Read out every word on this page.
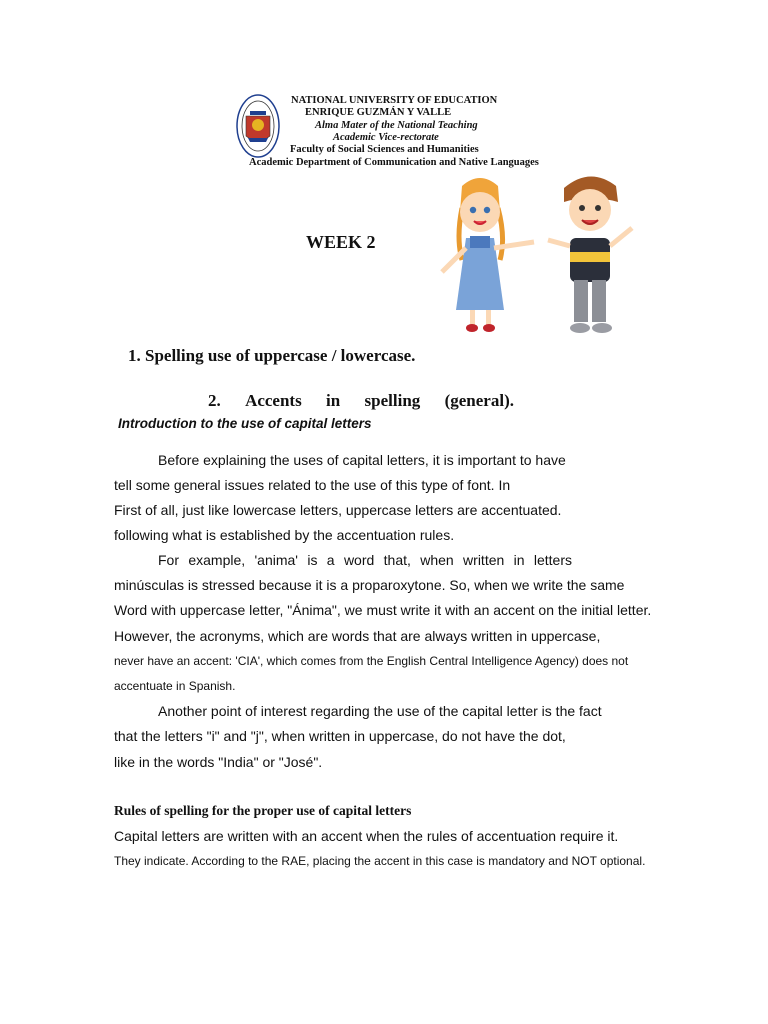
NATIONAL UNIVERSITY OF EDUCATION
ENRIQUE GUZMÁN Y VALLE
Alma Mater of the National Teaching
Academic Vice-rectorate
Faculty of Social Sciences and Humanities
Academic Department of Communication and Native Languages
WEEK 2
1. Spelling use of uppercase / lowercase.
2. Accents in spelling (general).
Introduction to the use of capital letters
Before explaining the uses of capital letters, it is important to have
tell some general issues related to the use of this type of font. In
First of all, just like lowercase letters, uppercase letters are accentuated.
following what is established by the accentuation rules.
For example, 'anima' is a word that, when written in letters
minúsculas is stressed because it is a proparoxytone. So, when we write the same
Word with uppercase letter, "Ánima", we must write it with an accent on the initial letter.
However, the acronyms, which are words that are always written in uppercase,
never have an accent: 'CIA', which comes from the English Central Intelligence Agency) does not
accentuate in Spanish.
Another point of interest regarding the use of the capital letter is the fact
that the letters "i" and "j", when written in uppercase, do not have the dot,
like in the words "India" or "José".
Rules of spelling for the proper use of capital letters
Capital letters are written with an accent when the rules of accentuation require it.
They indicate. According to the RAE, placing the accent in this case is mandatory and NOT optional.
